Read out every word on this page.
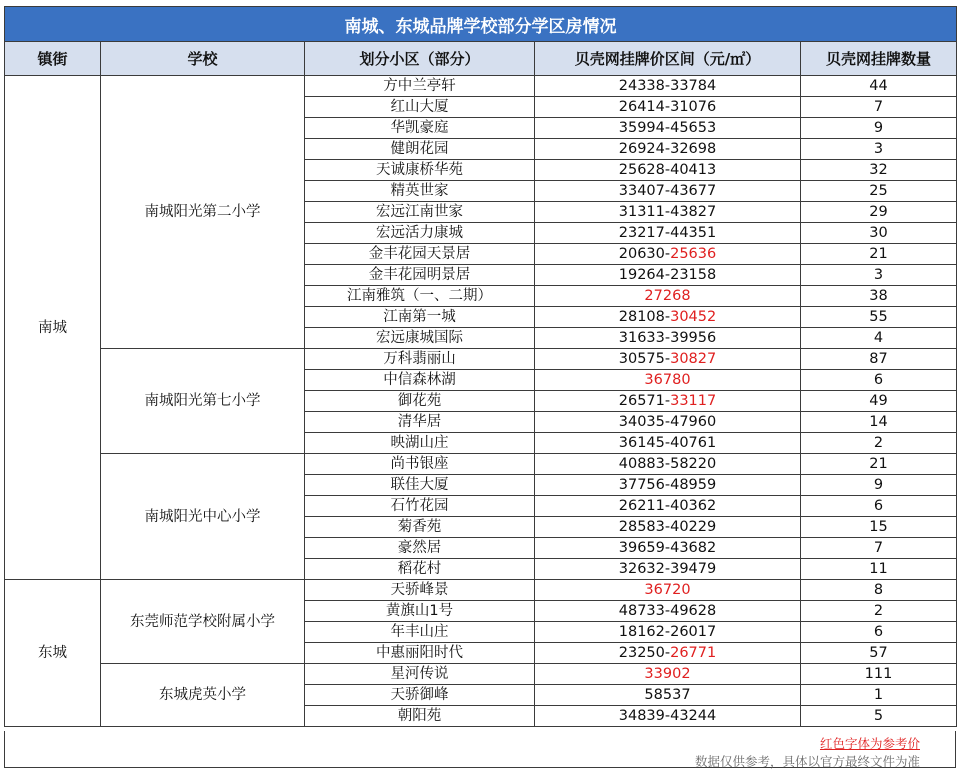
南城、东城品牌学校部分学区房情况				
镇街	学校	划分小区（部分）	贝壳网挂牌价区间（元/㎡）	贝壳网挂牌数量
南城	南城阳光第二小学	方中兰亭轩	24338-33784	44
		红山大厦	26414-31076	7
		华凯豪庭	35994-45653	9
		健朗花园	26924-32698	3
		天诚康桥华苑	25628-40413	32
		精英世家	33407-43677	25
		宏远江南世家	31311-43827	29
		宏远活力康城	23217-44351	30
		金丰花园天景居	20630-25636	21
		金丰花园明景居	19264-23158	3
		江南雅筑（一、二期）	27268	38
		江南第一城	28108-30452	55
		宏远康城国际	31633-39956	4
	南城阳光第七小学	万科翡丽山	30575-30827	87
		中信森林湖	36780	6
		御花苑	26571-33117	49
		清华居	34035-47960	14
		映湖山庄	36145-40761	2
	南城阳光中心小学	尚书银座	40883-58220	21
		联佳大厦	37756-48959	9
		石竹花园	26211-40362	6
		菊香苑	28583-40229	15
		豪然居	39659-43682	7
		稻花村	32632-39479	11
东城	东莞师范学校附属小学	天骄峰景	36720	8
		黄旗山1号	48733-49628	2
		年丰山庄	18162-26017	6
		中惠丽阳时代	23250-26771	57
	东城虎英小学	星河传说	33902	111
		天骄御峰	58537	1
		朝阳苑	34839-43244	5
红色字体为参考价
数据仅供参考，具体以官方最终文件为准
